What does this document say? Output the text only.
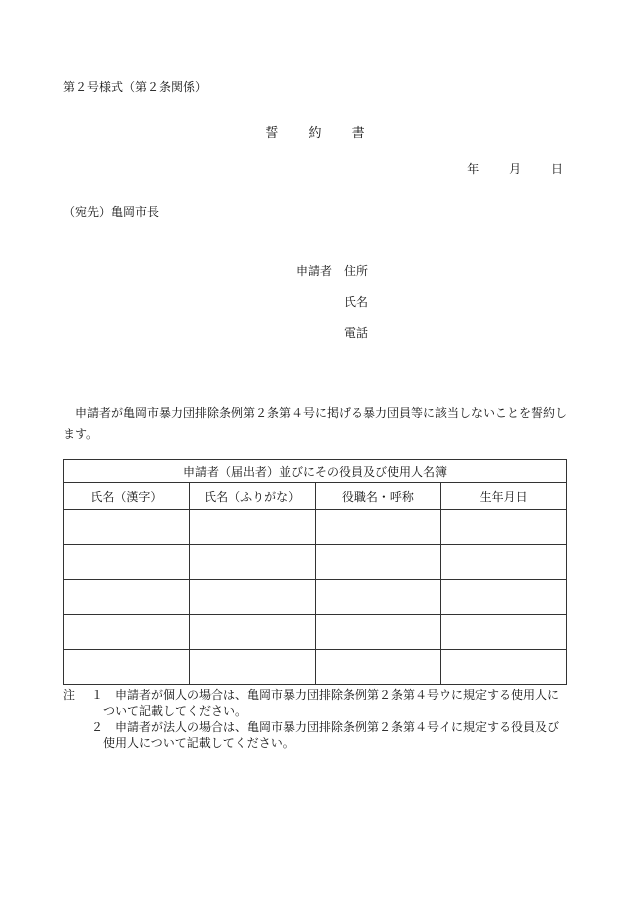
第２号様式（第２条関係）
誓 約 書
年 月 日
（宛先）亀岡市長
申請者 住所
氏名
電話
申請者が亀岡市暴力団排除条例第２条第４号に掲げる暴力団員等に該当しないことを誓約します。
申請者（届出者）並びにその役員及び使用人名簿			
氏名（漢字）	氏名（ふりがな）	役職名・呼称	生年月日

注 １ 申請者が個人の場合は、亀岡市暴力団排除条例第２条第４号ウに規定する使用人に
ついて記載してください。
２ 申請者が法人の場合は、亀岡市暴力団排除条例第２条第４号イに規定する役員及び
使用人について記載してください。
